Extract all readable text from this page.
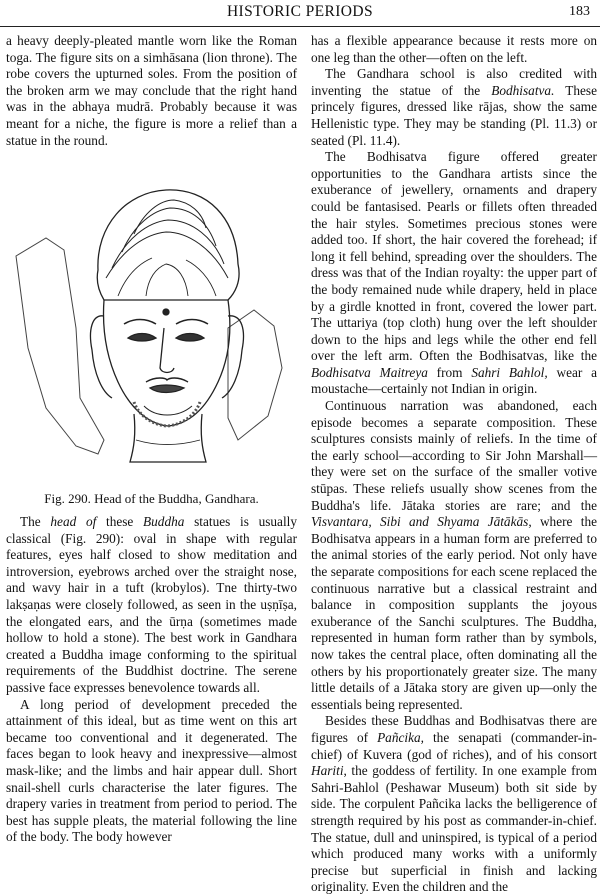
HISTORIC PERIODS	183

a heavy deeply-pleated mantle worn like the Roman toga. The figure sits on a simhāsana (lion throne). The robe covers the upturned soles. From the position of the broken arm we may conclude that the right hand was in the abhaya mudrā. Probably because it was meant for a niche, the figure is more a relief than a statue in the round.

Fig. 290. Head of the Buddha, Gandhara.

The head of these Buddha statues is usually classical (Fig. 290): oval in shape with regular features, eyes half closed to show meditation and introversion, eyebrows arched over the straight nose, and wavy hair in a tuft (krobylos). Tne thirty-two lakṣaṇas were closely followed, as seen in the uṣṇīṣa, the elongated ears, and the ūrṇa (sometimes made hollow to hold a stone). The best work in Gandhara created a Buddha image conforming to the spiritual requirements of the Buddhist doctrine. The serene passive face expresses benevolence towards all.

A long period of development preceded the attainment of this ideal, but as time went on this art became too conventional and it degenerated. The faces began to look heavy and inexpressive—almost mask-like; and the limbs and hair appear dull. Short snail-shell curls characterise the later figures. The drapery varies in treatment from period to period. The best has supple pleats, the material following the line of the body. The body however

has a flexible appearance because it rests more on one leg than the other—often on the left.

The Gandhara school is also credited with inventing the statue of the Bodhisatva. These princely figures, dressed like rājas, show the same Hellenistic type. They may be standing (Pl. 11.3) or seated (Pl. 11.4).

The Bodhisatva figure offered greater opportunities to the Gandhara artists since the exuberance of jewellery, ornaments and drapery could be fantasised. Pearls or fillets often threaded the hair styles. Sometimes precious stones were added too. If short, the hair covered the forehead; if long it fell behind, spreading over the shoulders. The dress was that of the Indian royalty: the upper part of the body remained nude while drapery, held in place by a girdle knotted in front, covered the lower part. The uttariya (top cloth) hung over the left shoulder down to the hips and legs while the other end fell over the left arm. Often the Bodhisatvas, like the Bodhisatva Maitreya from Sahri Bahlol, wear a moustache—certainly not Indian in origin.

Continuous narration was abandoned, each episode becomes a separate composition. These sculptures consists mainly of reliefs. In the time of the early school—according to Sir John Marshall—they were set on the surface of the smaller votive stūpas. These reliefs usually show scenes from the Buddha's life. Jātaka stories are rare; and the Visvantara, Sibi and Shyama Jātākās, where the Bodhisatva appears in a human form are preferred to the animal stories of the early period. Not only have the separate compositions for each scene replaced the continuous narrative but a classical restraint and balance in composition supplants the joyous exuberance of the Sanchi sculptures. The Buddha, represented in human form rather than by symbols, now takes the central place, often dominating all the others by his proportionately greater size. The many little details of a Jātaka story are given up—only the essentials being represented.

Besides these Buddhas and Bodhisatvas there are figures of Pañcika, the senapati (commander-in-chief) of Kuvera (god of riches), and of his consort Hariti, the goddess of fertility. In one example from Sahri-Bahlol (Peshawar Museum) both sit side by side. The corpulent Pañcika lacks the belligerence of strength required by his post as commander-in-chief. The statue, dull and uninspired, is typical of a period which produced many works with a uniformly precise but superficial in finish and lacking originality. Even the children and the
